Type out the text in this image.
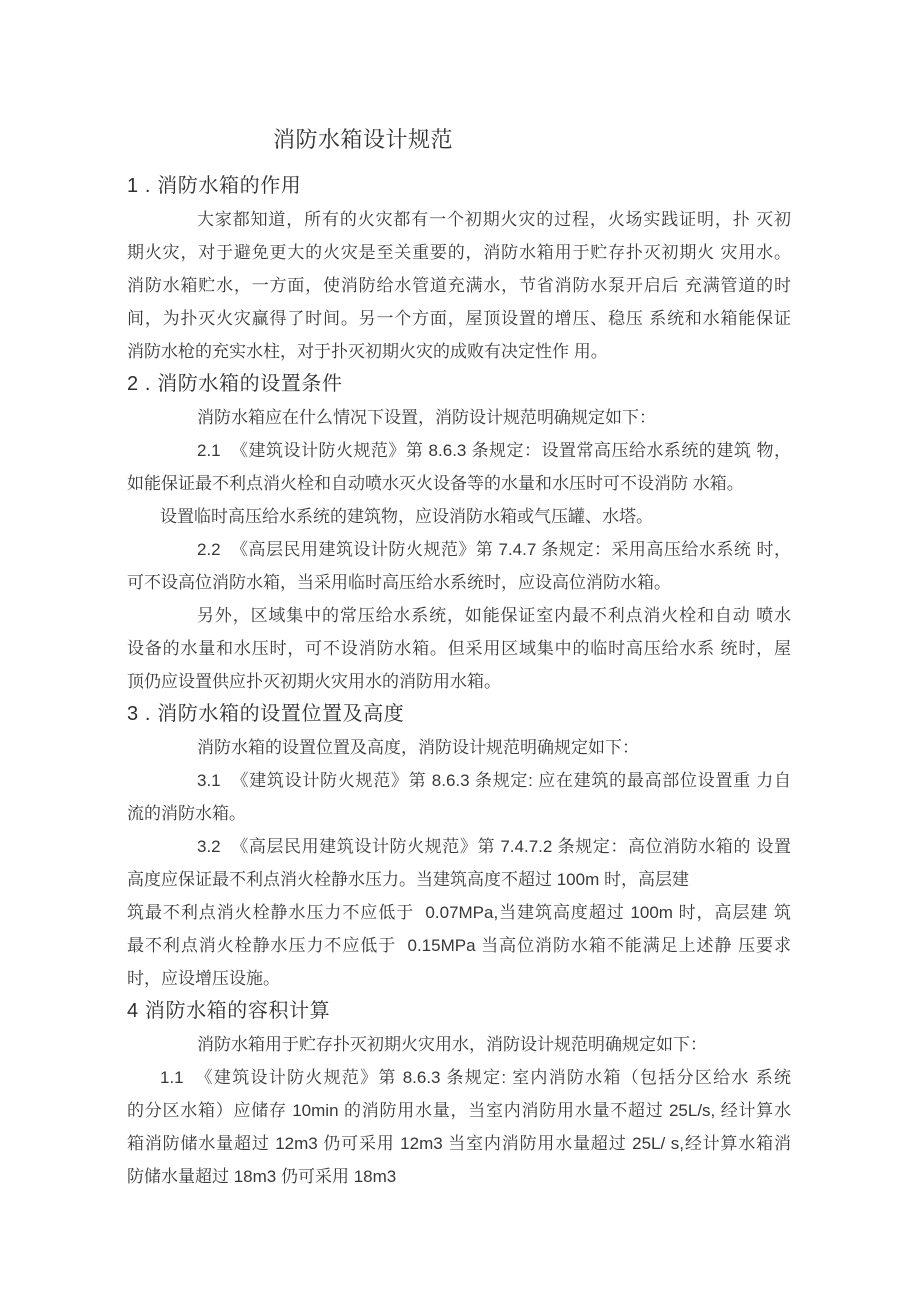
消防水箱设计规范
1 . 消防水箱的作用
大家都知道，所有的火灾都有一个初期火灾的过程，火场实践证明，扑 灭初
期火灾，对于避免更大的火灾是至关重要的，消防水箱用于贮存扑灭初期火 灾用水。
消防水箱贮水，一方面，使消防给水管道充满水，节省消防水泵开启后 充满管道的时
间，为扑灭火灾赢得了时间。另一个方面，屋顶设置的增压、稳压 系统和水箱能保证
消防水枪的充实水柱，对于扑灭初期火灾的成败有决定性作 用。
2 . 消防水箱的设置条件
消防水箱应在什么情况下设置，消防设计规范明确规定如下：
2.1  《建筑设计防火规范》第 8.6.3 条规定：设置常高压给水系统的建筑 物，
如能保证最不利点消火栓和自动喷水灭火设备等的水量和水压时可不设消防 水箱。
设置临时高压给水系统的建筑物，应设消防水箱或气压罐、水塔。
2.2  《高层民用建筑设计防火规范》第 7.4.7 条规定：采用高压给水系统 时，
可不设高位消防水箱，当采用临时高压给水系统时，应设高位消防水箱。
另外，区域集中的常压给水系统，如能保证室内最不利点消火栓和自动 喷水
设备的水量和水压时，可不设消防水箱。但采用区域集中的临时高压给水系 统时，屋
顶仍应设置供应扑灭初期火灾用水的消防用水箱。
3 . 消防水箱的设置位置及高度
消防水箱的设置位置及高度，消防设计规范明确规定如下：
3.1  《建筑设计防火规范》第 8.6.3 条规定: 应在建筑的最高部位设置重 力自
流的消防水箱。
3.2  《高层民用建筑设计防火规范》第 7.4.7.2 条规定：高位消防水箱的 设置
高度应保证最不利点消火栓静水压力。当建筑高度不超过 100m 时，高层建
筑最不利点消火栓静水压力不应低于  0.07MPa,当建筑高度超过 100m 时，高层建 筑
最不利点消火栓静水压力不应低于  0.15MPa 当高位消防水箱不能满足上述静 压要求
时，应设增压设施。
4 消防水箱的容积计算
消防水箱用于贮存扑灭初期火灾用水，消防设计规范明确规定如下：
1.1  《建筑设计防火规范》第 8.6.3 条规定: 室内消防水箱（包括分区给水 系统
的分区水箱）应储存 10min 的消防用水量，当室内消防用水量不超过 25L/s, 经计算水
箱消防储水量超过 12m3 仍可采用 12m3 当室内消防用水量超过 25L/ s,经计算水箱消
防储水量超过 18m3 仍可采用 18m3
